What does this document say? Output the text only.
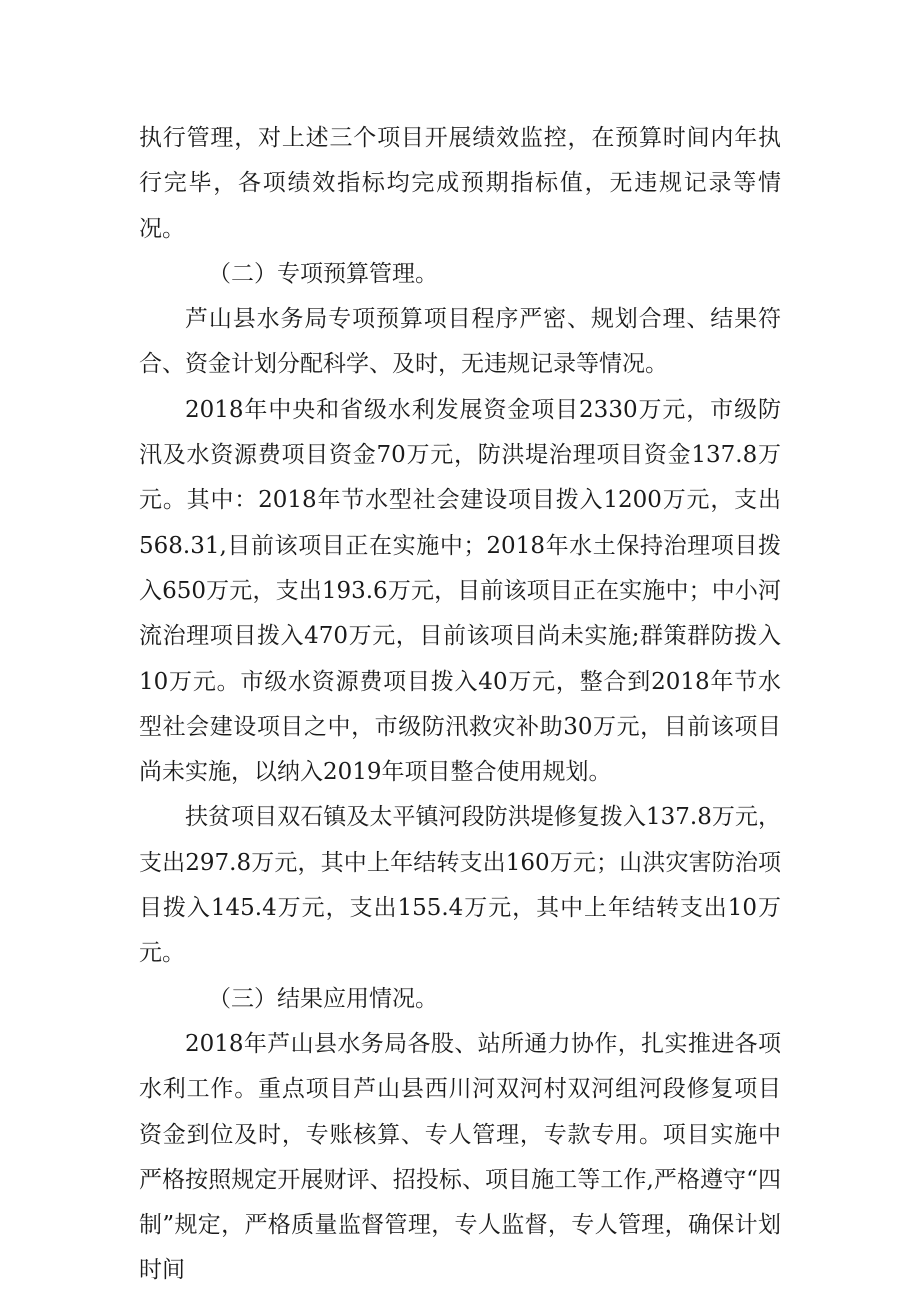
执行管理，对上述三个项目开展绩效监控，在预算时间内年执行完毕，各项绩效指标均完成预期指标值，无违规记录等情况。

（二）专项预算管理。

芦山县水务局专项预算项目程序严密、规划合理、结果符合、资金计划分配科学、及时，无违规记录等情况。

2018年中央和省级水利发展资金项目2330万元，市级防汛及水资源费项目资金70万元，防洪堤治理项目资金137.8万元。其中：2018年节水型社会建设项目拨入1200万元，支出568.31,目前该项目正在实施中；2018年水土保持治理项目拨入650万元，支出193.6万元，目前该项目正在实施中；中小河流治理项目拨入470万元，目前该项目尚未实施;群策群防拨入10万元。市级水资源费项目拨入40万元，整合到2018年节水型社会建设项目之中，市级防汛救灾补助30万元，目前该项目尚未实施，以纳入2019年项目整合使用规划。

扶贫项目双石镇及太平镇河段防洪堤修复拨入137.8万元，支出297.8万元，其中上年结转支出160万元；山洪灾害防治项目拨入145.4万元，支出155.4万元，其中上年结转支出10万元。

（三）结果应用情况。

2018年芦山县水务局各股、站所通力协作，扎实推进各项水利工作。重点项目芦山县西川河双河村双河组河段修复项目资金到位及时，专账核算、专人管理，专款专用。项目实施中严格按照规定开展财评、招投标、项目施工等工作,严格遵守“四制”规定，严格质量监督管理，专人监督，专人管理，确保计划时间
